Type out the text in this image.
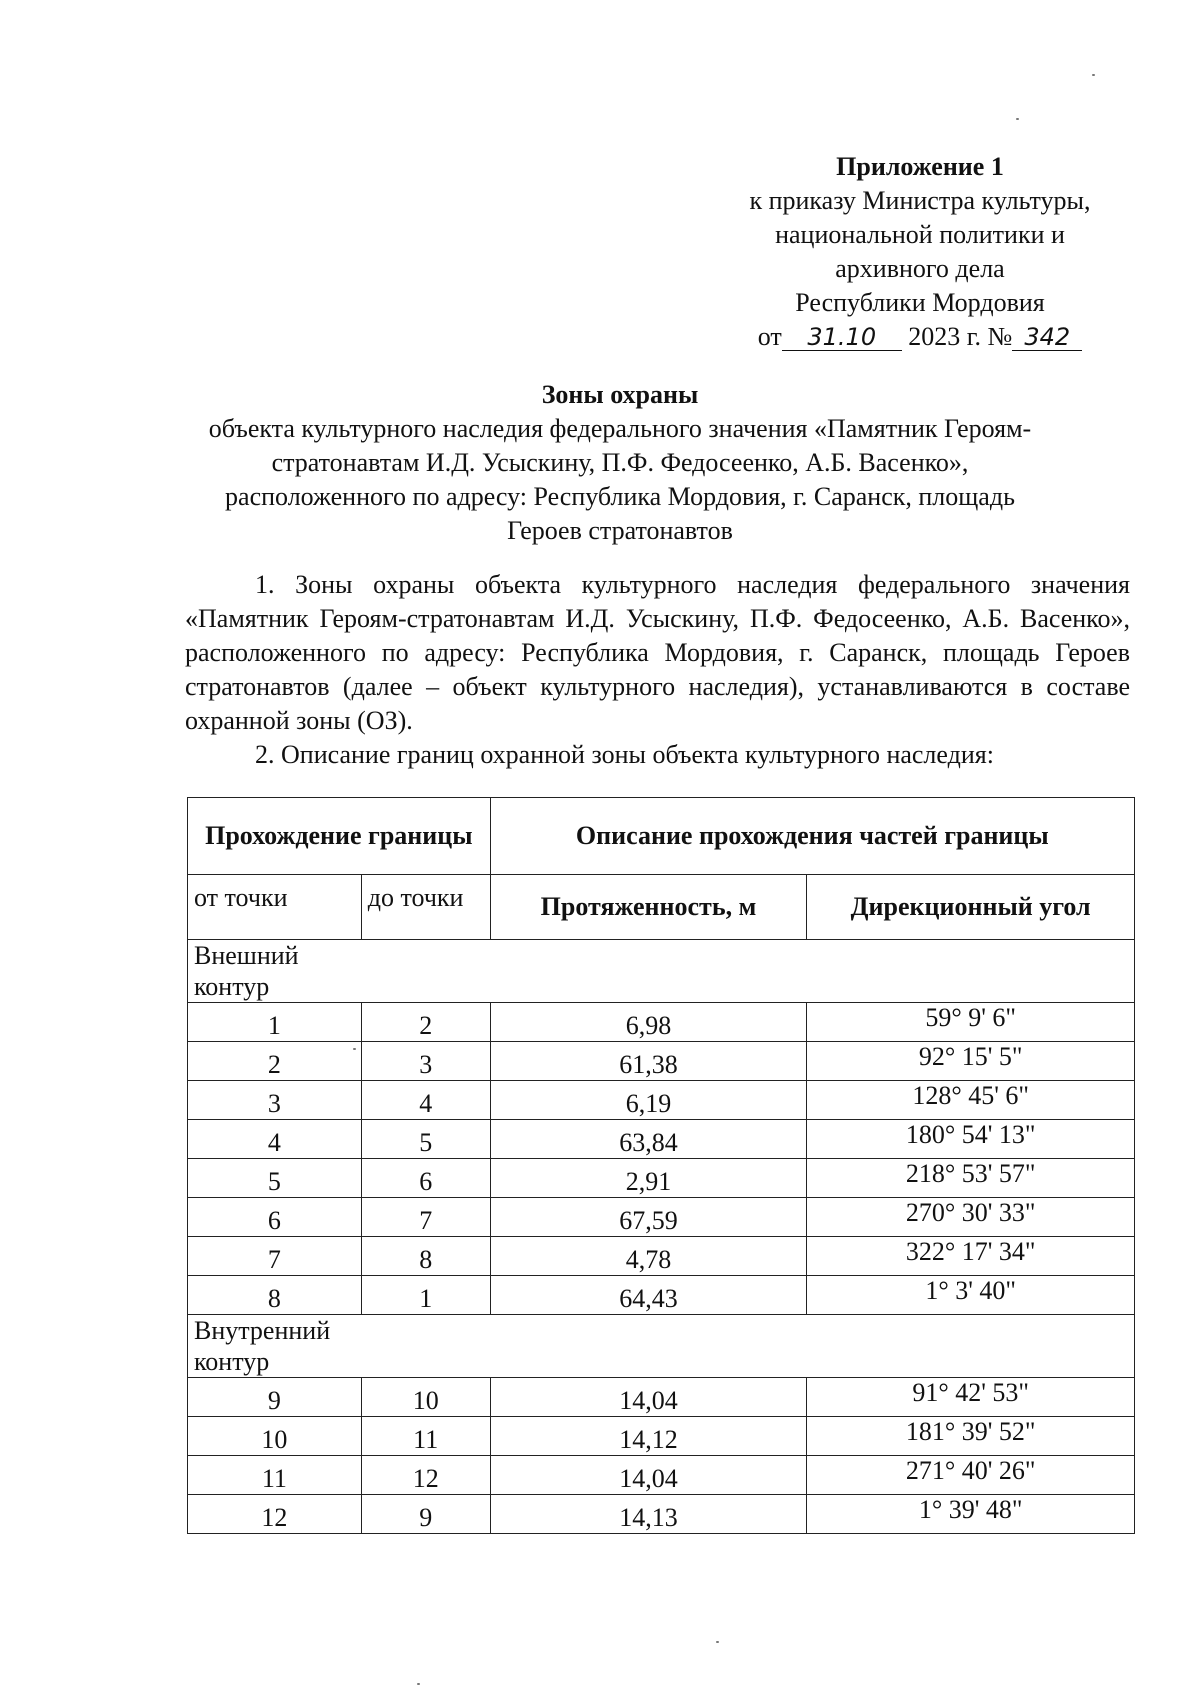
Приложение 1
к приказу Министра культуры,
национальной политики и
архивного дела
Республики Мордовия
от 31.10 2023 г. № 342
Зоны охраны
объекта культурного наследия федерального значения «Памятник Героям-
стратонавтам И.Д. Усыскину, П.Ф. Федосеенко, А.Б. Васенко»,
расположенного по адресу: Республика Мордовия, г. Саранск, площадь
Героев стратонавтов

1. Зоны охраны объекта культурного наследия федерального значения «Памятник Героям-стратонавтам И.Д. Усыскину, П.Ф. Федосеенко, А.Б. Васенко», расположенного по адресу: Республика Мордовия, г. Саранск, площадь Героев стратонавтов (далее – объект культурного наследия), устанавливаются в составе охранной зоны (ОЗ).

2. Описание границ охранной зоны объекта культурного наследия:

Прохождение границы		Описание прохождения частей границы	
от точки	до точки	Протяженность, м	Дирекционный угол
Внешний
контур			
1	2	6,98	59° 9' 6"
2	3	61,38	92° 15' 5"
3	4	6,19	128° 45' 6"
4	5	63,84	180° 54' 13"
5	6	2,91	218° 53' 57"
6	7	67,59	270° 30' 33"
7	8	4,78	322° 17' 34"
8	1	64,43	1° 3' 40"
Внутренний
контур			
9	10	14,04	91° 42' 53"
10	11	14,12	181° 39' 52"
11	12	14,04	271° 40' 26"
12	9	14,13	1° 39' 48"
